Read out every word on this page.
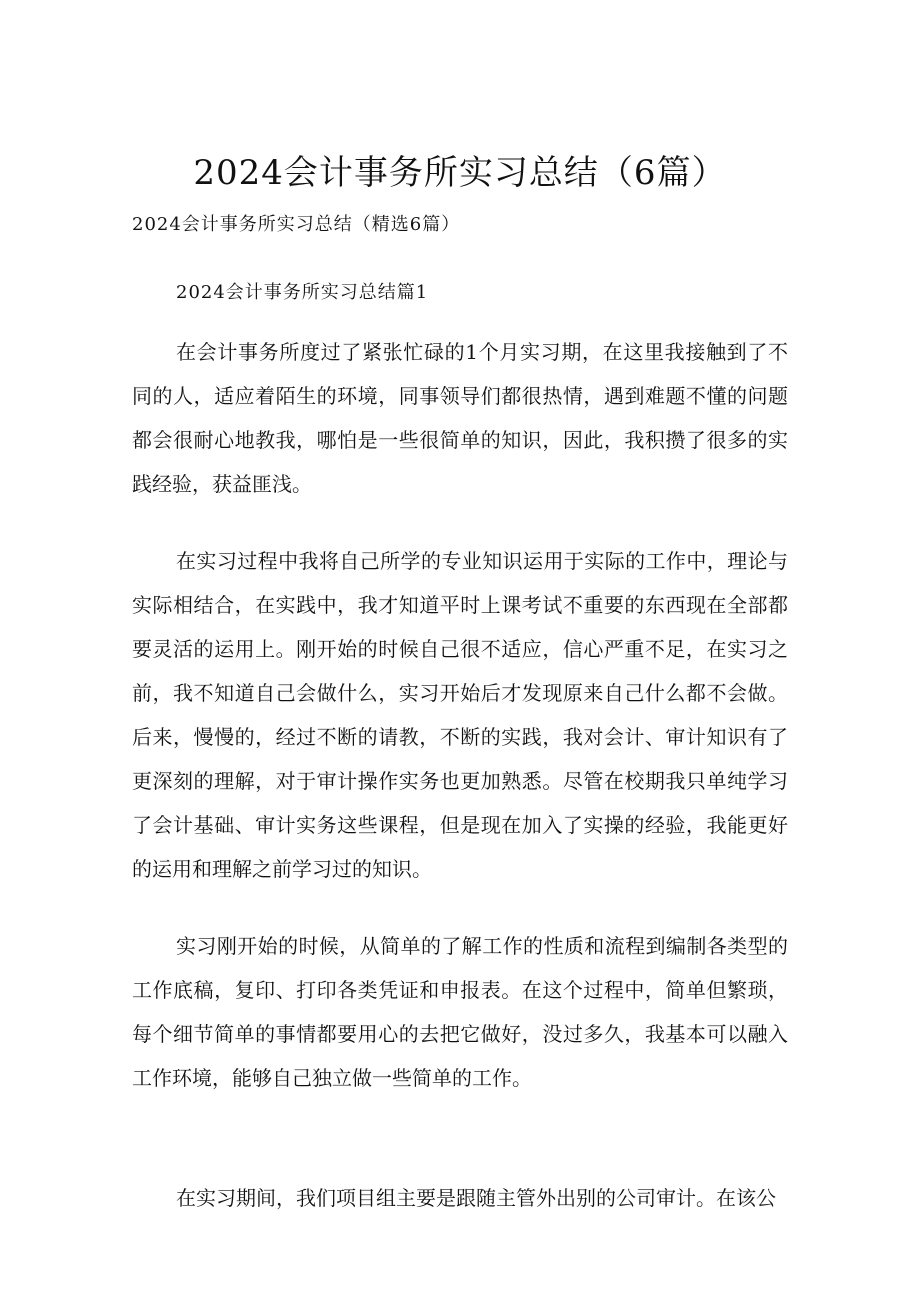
2024会计事务所实习总结（6篇）
2024会计事务所实习总结（精选6篇）
2024会计事务所实习总结篇1

在会计事务所度过了紧张忙碌的1个月实习期，在这里我接触到了不同的人，适应着陌生的环境，同事领导们都很热情，遇到难题不懂的问题都会很耐心地教我，哪怕是一些很简单的知识，因此，我积攒了很多的实践经验，获益匪浅。

在实习过程中我将自己所学的专业知识运用于实际的工作中，理论与实际相结合，在实践中，我才知道平时上课考试不重要的东西现在全部都要灵活的运用上。刚开始的时候自己很不适应，信心严重不足，在实习之前，我不知道自己会做什么，实习开始后才发现原来自己什么都不会做。后来，慢慢的，经过不断的请教，不断的实践，我对会计、审计知识有了更深刻的理解，对于审计操作实务也更加熟悉。尽管在校期我只单纯学习了会计基础、审计实务这些课程，但是现在加入了实操的经验，我能更好的运用和理解之前学习过的知识。

实习刚开始的时候，从简单的了解工作的性质和流程到编制各类型的工作底稿，复印、打印各类凭证和申报表。在这个过程中，简单但繁琐，每个细节简单的事情都要用心的去把它做好，没过多久，我基本可以融入工作环境，能够自己独立做一些简单的工作。

在实习期间，我们项目组主要是跟随主管外出别的公司审计。在该公
